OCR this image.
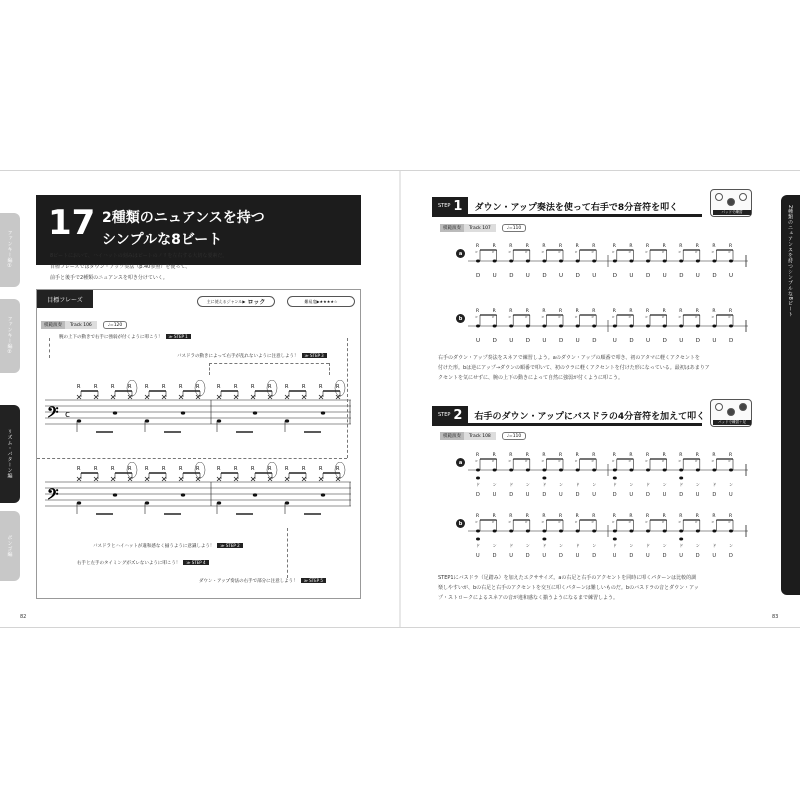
ファンキー編①
ファンキー編②
リズム・パターン編
ボンゴ編
17 2種類のニュアンスを持つ
シンプルな8ビート
8ビートにおいて、ハイハットの刻みはビートのノリを左右する大切な要素だ。
目標フレーズではダウン・アップ奏法（p.40参照）を使って、
前手と後手で2種類のニュアンスを叩き分けていく。
目標フレーズ	主に使えるジャンル▶ ロック	難易度▶★★★★☆
模範演奏	Track 106	♩=120
腕の上下の動きで右手に強弱が付くように叩こう！ ≫ STEP 1
バスドラの動きによって右手が乱れないように注意しよう！ ≫ STEP 3
𝄢 c
R	R	R	R	R	R	R	R	R	R	R	R	R	R	R	R
𝄢
R	R	R	R	R	R	R	R	R	R	R	R	R	R	R	R
バスドラとハイハットが違和感なく揃うように意識しよう！ ≫ STEP 2
右手と左手のタイミングがズレないように叩こう！ ≫ STEP 4
ダウン・アップ奏法の右手で部分に注意しよう！ ≫ STEP 5
82
STEP 1 ダウン・アップ奏法を使って右手で8分音符を叩く	パッドで練習
模範演奏	Track 107	♩=110
a
R
>
D
R
>
U
R
>
D
R
>
U
R
>
D
R
>
U
R
>
D
R
>
U
R
>
D
R
>
U
R
>
D
R
>
U
R
>
D
R
>
U
R
>
D
R
>
U
b
R
>
U
R
>
D
R
>
U
R
>
D
R
>
U
R
>
D
R
>
U
R
>
D
R
>
U
R
>
D
R
>
U
R
>
D
R
>
U
R
>
D
R
>
U
R
>
D
右手のダウン・アップ奏法をスネアで練習しよう。aのダウン・アップの順番で叩き、初のアタマに軽くアクセントを
付けた形。bは逆にアップ→ダウンの順番で叩いて、初のウラに軽くアクセントを付けた形になっている。最初はあまりア
クセントを気にせずに、腕の上下の動きによって自然に強弱が付くように叩こう。
STEP 2 右手のダウン・アップにバスドラの4分音符を加えて叩く
パッドで練習＋足
模範演奏	Track 108	♩=110
a
R
>
ド
D
R
>
ン
U
R
>
ド
D
R
>
ン
U
R
>
ド
D
R
>
ン
U
R
>
ド
D
R
>
ン
U
R
>
ド
D
R
>
ン
U
R
>
ド
D
R
>
ン
U
R
>
ド
D
R
>
ン
U
R
>
ド
D
R
>
ン
U
b
R
>
ド
U
R
>
ン
D
R
>
ド
U
R
>
ン
D
R
>
ド
U
R
>
ン
D
R
>
ド
U
R
>
ン
D
R
>
ド
U
R
>
ン
D
R
>
ド
U
R
>
ン
D
R
>
ド
U
R
>
ン
D
R
>
ド
U
R
>
ン
D
STEP1にバスドラ（足踏み）を加えたエクササイズ。aの右足と右手のアクセントを同時に叩くパターンは比較的調
楽しやすいが、bの右足と右手のアクセントを交互に叩くパターンは難しいものだ。bのバスドラの音とダウン・アッ
プ・ストロークによるスネアの音が違和感なく揃うようになるまで練習しよう。
2種類のニュアンスを持つシンプルな8ビート
83
